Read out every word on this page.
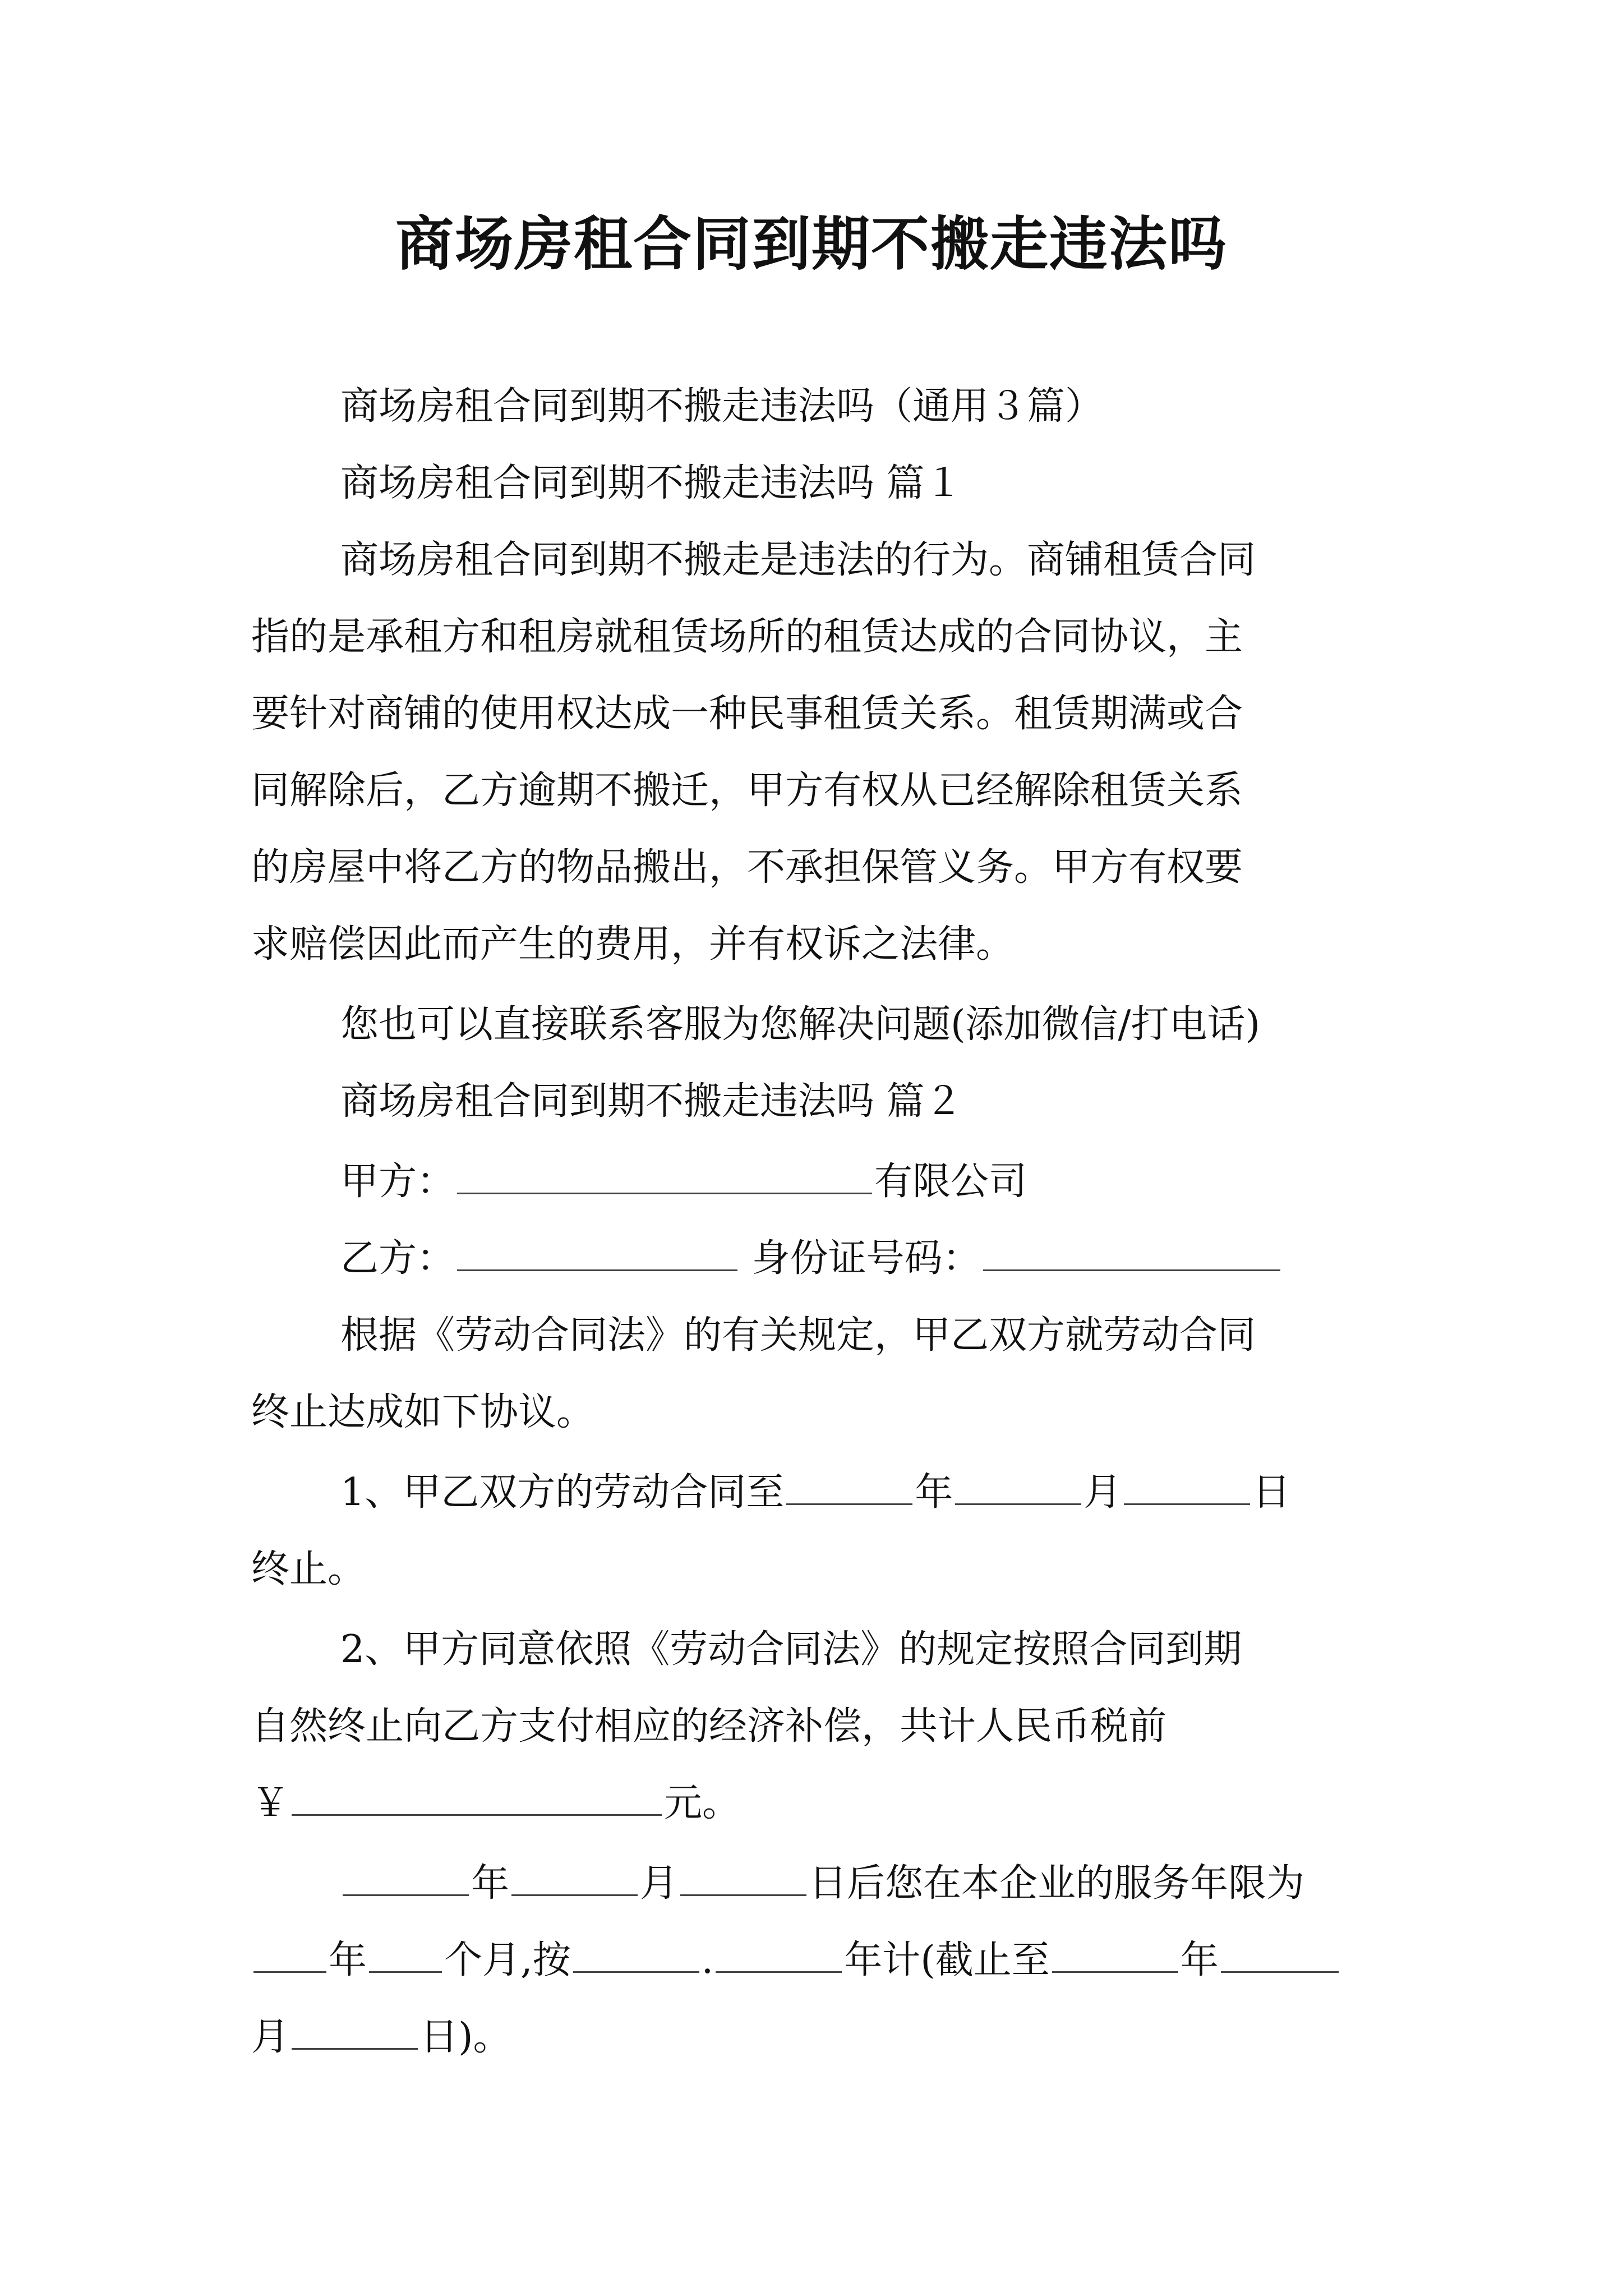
商场房租合同到期不搬走违法吗
商场房租合同到期不搬走违法吗（通用３篇）
商场房租合同到期不搬走违法吗 篇１
商场房租合同到期不搬走是违法的行为。商铺租赁合同
指的是承租方和租房就租赁场所的租赁达成的合同协议，主
要针对商铺的使用权达成一种民事租赁关系。租赁期满或合
同解除后，乙方逾期不搬迁，甲方有权从已经解除租赁关系
的房屋中将乙方的物品搬出，不承担保管义务。甲方有权要
求赔偿因此而产生的费用，并有权诉之法律。
您也可以直接联系客服为您解决问题(添加微信/打电话)
商场房租合同到期不搬走违法吗 篇２
甲方：	有限公司
乙方：	身份证号码：
根据《劳动合同法》的有关规定，甲乙双方就劳动合同
终止达成如下协议。
1、甲乙双方的劳动合同至	年	月	日
终止。
2、甲方同意依照《劳动合同法》的规定按照合同到期
自然终止向乙方支付相应的经济补偿，共计人民币税前
￥	元。
年	月	日后您在本企业的服务年限为
年 个月,按	.	年计(截止至	年
月	日)。
